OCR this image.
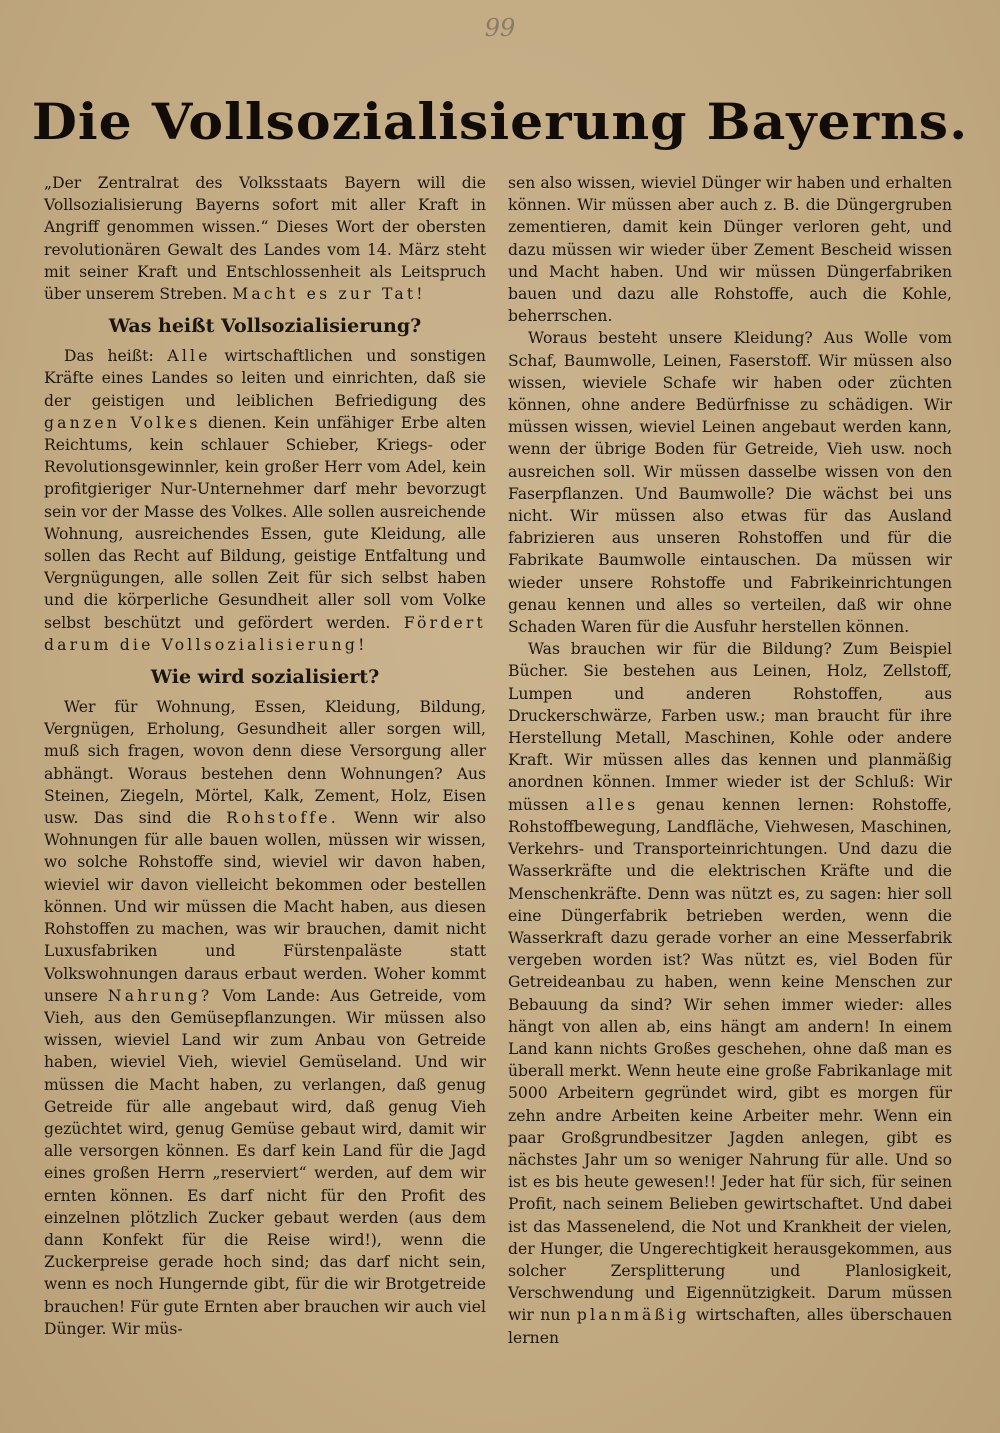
99
Die Vollsozialisierung Bayerns.

„Der Zentralrat des Volksstaats Bayern will die Vollsozialisierung Bayerns sofort mit aller Kraft in Angriff genommen wissen.“ Dieses Wort der obersten revolutionären Gewalt des Landes vom 14. März steht mit seiner Kraft und Entschlossenheit als Leitspruch über unserem Streben. Macht es zur Tat!

Was heißt Vollsozialisierung?

Das heißt: Alle wirtschaftlichen und sonstigen Kräfte eines Landes so leiten und einrichten, daß sie der geistigen und leiblichen Befriedigung des ganzen Volkes dienen. Kein unfähiger Erbe alten Reichtums, kein schlauer Schieber, Kriegs- oder Revolutionsgewinnler, kein großer Herr vom Adel, kein profitgieriger Nur-Unternehmer darf mehr bevorzugt sein vor der Masse des Volkes. Alle sollen ausreichende Wohnung, ausreichendes Essen, gute Kleidung, alle sollen das Recht auf Bildung, geistige Entfaltung und Vergnügungen, alle sollen Zeit für sich selbst haben und die körperliche Gesundheit aller soll vom Volke selbst beschützt und gefördert werden. Fördert darum die Vollsozialisierung!

Wie wird sozialisiert?

Wer für Wohnung, Essen, Kleidung, Bildung, Vergnügen, Erholung, Gesundheit aller sorgen will, muß sich fragen, wovon denn diese Versorgung aller abhängt. Woraus bestehen denn Wohnungen? Aus Steinen, Ziegeln, Mörtel, Kalk, Zement, Holz, Eisen usw. Das sind die Rohstoffe. Wenn wir also Wohnungen für alle bauen wollen, müssen wir wissen, wo solche Rohstoffe sind, wieviel wir davon haben, wieviel wir davon vielleicht bekommen oder bestellen können. Und wir müssen die Macht haben, aus diesen Rohstoffen zu machen, was wir brauchen, damit nicht Luxusfabriken und Fürstenpaläste statt Volkswohnungen daraus erbaut werden. Woher kommt unsere Nahrung? Vom Lande: Aus Getreide, vom Vieh, aus den Gemüsepflanzungen. Wir müssen also wissen, wieviel Land wir zum Anbau von Getreide haben, wieviel Vieh, wieviel Gemüseland. Und wir müssen die Macht haben, zu verlangen, daß genug Getreide für alle angebaut wird, daß genug Vieh gezüchtet wird, genug Gemüse gebaut wird, damit wir alle versorgen können. Es darf kein Land für die Jagd eines großen Herrn „reserviert“ werden, auf dem wir ernten können. Es darf nicht für den Profit des einzelnen plötzlich Zucker gebaut werden (aus dem dann Konfekt für die Reise wird!), wenn die Zuckerpreise gerade hoch sind; das darf nicht sein, wenn es noch Hungernde gibt, für die wir Brotgetreide brauchen! Für gute Ernten aber brauchen wir auch viel Dünger. Wir müs-

sen also wissen, wieviel Dünger wir haben und erhalten können. Wir müssen aber auch z. B. die Düngergruben zementieren, damit kein Dünger verloren geht, und dazu müssen wir wieder über Zement Bescheid wissen und Macht haben. Und wir müssen Düngerfabriken bauen und dazu alle Rohstoffe, auch die Kohle, beherrschen.

Woraus besteht unsere Kleidung? Aus Wolle vom Schaf, Baumwolle, Leinen, Faserstoff. Wir müssen also wissen, wieviele Schafe wir haben oder züchten können, ohne andere Bedürfnisse zu schädigen. Wir müssen wissen, wieviel Leinen angebaut werden kann, wenn der übrige Boden für Getreide, Vieh usw. noch ausreichen soll. Wir müssen dasselbe wissen von den Faserpflanzen. Und Baumwolle? Die wächst bei uns nicht. Wir müssen also etwas für das Ausland fabrizieren aus unseren Rohstoffen und für die Fabrikate Baumwolle eintauschen. Da müssen wir wieder unsere Rohstoffe und Fabrikeinrichtungen genau kennen und alles so verteilen, daß wir ohne Schaden Waren für die Ausfuhr herstellen können.

Was brauchen wir für die Bildung? Zum Beispiel Bücher. Sie bestehen aus Leinen, Holz, Zellstoff, Lumpen und anderen Rohstoffen, aus Druckerschwärze, Farben usw.; man braucht für ihre Herstellung Metall, Maschinen, Kohle oder andere Kraft. Wir müssen alles das kennen und planmäßig anordnen können. Immer wieder ist der Schluß: Wir müssen alles genau kennen lernen: Rohstoffe, Rohstoffbewegung, Landfläche, Viehwesen, Maschinen, Verkehrs- und Transporteinrichtungen. Und dazu die Wasserkräfte und die elektrischen Kräfte und die Menschenkräfte. Denn was nützt es, zu sagen: hier soll eine Düngerfabrik betrieben werden, wenn die Wasserkraft dazu gerade vorher an eine Messerfabrik vergeben worden ist? Was nützt es, viel Boden für Getreideanbau zu haben, wenn keine Menschen zur Bebauung da sind? Wir sehen immer wieder: alles hängt von allen ab, eins hängt am andern! In einem Land kann nichts Großes geschehen, ohne daß man es überall merkt. Wenn heute eine große Fabrikanlage mit 5000 Arbeitern gegründet wird, gibt es morgen für zehn andre Arbeiten keine Arbeiter mehr. Wenn ein paar Großgrundbesitzer Jagden anlegen, gibt es nächstes Jahr um so weniger Nahrung für alle. Und so ist es bis heute gewesen!! Jeder hat für sich, für seinen Profit, nach seinem Belieben gewirtschaftet. Und dabei ist das Massenelend, die Not und Krankheit der vielen, der Hunger, die Ungerechtigkeit herausgekommen, aus solcher Zersplitterung und Planlosigkeit, Verschwendung und Eigennützigkeit. Darum müssen wir nun planmäßig wirtschaften, alles überschauen lernen
